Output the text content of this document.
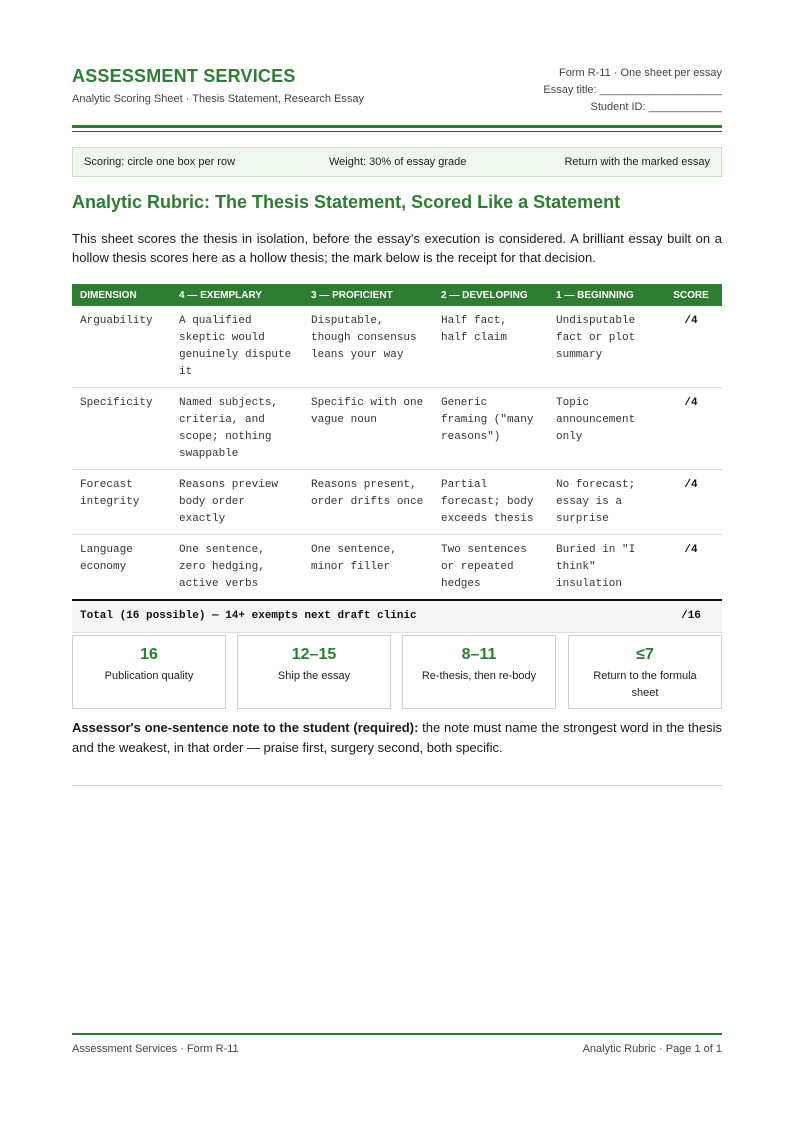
ASSESSMENT SERVICES
Analytic Scoring Sheet · Thesis Statement, Research Essay
Form R-11 · One sheet per essay
Essay title: ____________________
Student ID: ____________
Scoring: circle one box per row	Weight: 30% of essay grade	Return with the marked essay
Analytic Rubric: The Thesis Statement, Scored Like a Statement
This sheet scores the thesis in isolation, before the essay's execution is considered. A brilliant essay built on a hollow thesis scores here as a hollow thesis; the mark below is the receipt for that decision.
DIMENSION	4 — EXEMPLARY	3 — PROFICIENT	2 — DEVELOPING	1 — BEGINNING	SCORE
Arguability	A qualified skeptic would genuinely dispute it	Disputable, though consensus leans your way	Half fact, half claim	Undisputable fact or plot summary	/4
Specificity	Named subjects, criteria, and scope; nothing swappable	Specific with one vague noun	Generic framing ("many reasons")	Topic announcement only	/4
Forecast integrity	Reasons preview body order exactly	Reasons present, order drifts once	Partial forecast; body exceeds thesis	No forecast; essay is a surprise	/4
Language economy	One sentence, zero hedging, active verbs	One sentence, minor filler	Two sentences or repeated hedges	Buried in "I think" insulation	/4
Total (16 possible) — 14+ exempts next draft clinic					/16
16
Publication quality
12–15
Ship the essay
8–11
Re-thesis, then re-body
≤7
Return to the formula sheet
Assessor's one-sentence note to the student (required): the note must name the strongest word in the thesis and the weakest, in that order — praise first, surgery second, both specific.
Assessment Services · Form R-11	Analytic Rubric · Page 1 of 1
